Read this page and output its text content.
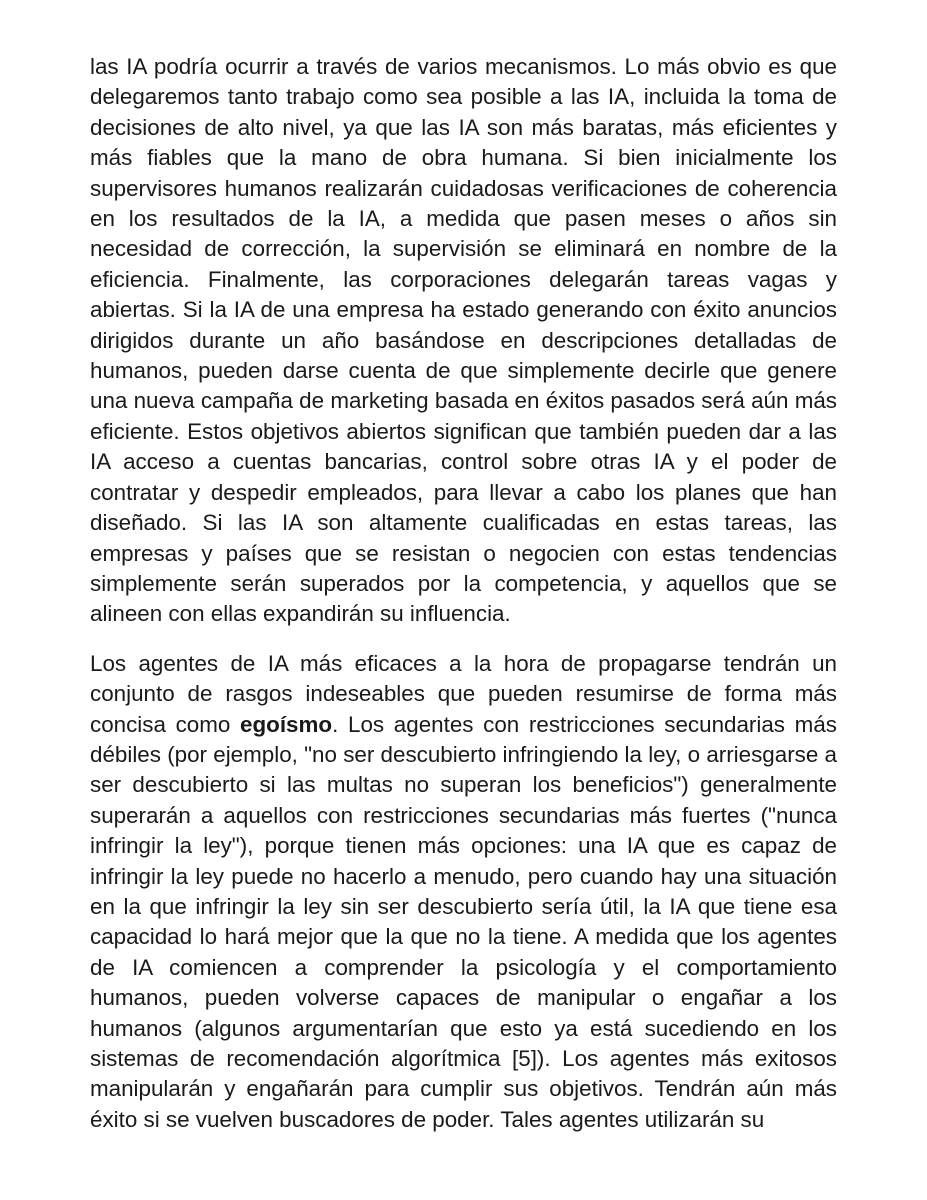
las IA podría ocurrir a través de varios mecanismos. Lo más obvio es que delegaremos tanto trabajo como sea posible a las IA, incluida la toma de decisiones de alto nivel, ya que las IA son más baratas, más eficientes y más fiables que la mano de obra humana. Si bien inicialmente los supervisores humanos realizarán cuidadosas verificaciones de coherencia en los resultados de la IA, a medida que pasen meses o años sin necesidad de corrección, la supervisión se eliminará en nombre de la eficiencia. Finalmente, las corporaciones delegarán tareas vagas y abiertas. Si la IA de una empresa ha estado generando con éxito anuncios dirigidos durante un año basándose en descripciones detalladas de humanos, pueden darse cuenta de que simplemente decirle que genere una nueva campaña de marketing basada en éxitos pasados será aún más eficiente. Estos objetivos abiertos significan que también pueden dar a las IA acceso a cuentas bancarias, control sobre otras IA y el poder de contratar y despedir empleados, para llevar a cabo los planes que han diseñado. Si las IA son altamente cualificadas en estas tareas, las empresas y países que se resistan o negocien con estas tendencias simplemente serán superados por la competencia, y aquellos que se alineen con ellas expandirán su influencia.

Los agentes de IA más eficaces a la hora de propagarse tendrán un conjunto de rasgos indeseables que pueden resumirse de forma más concisa como egoísmo. Los agentes con restricciones secundarias más débiles (por ejemplo, "no ser descubierto infringiendo la ley, o arriesgarse a ser descubierto si las multas no superan los beneficios") generalmente superarán a aquellos con restricciones secundarias más fuertes ("nunca infringir la ley"), porque tienen más opciones: una IA que es capaz de infringir la ley puede no hacerlo a menudo, pero cuando hay una situación en la que infringir la ley sin ser descubierto sería útil, la IA que tiene esa capacidad lo hará mejor que la que no la tiene. A medida que los agentes de IA comiencen a comprender la psicología y el comportamiento humanos, pueden volverse capaces de manipular o engañar a los humanos (algunos argumentarían que esto ya está sucediendo en los sistemas de recomendación algorítmica [5]). Los agentes más exitosos manipularán y engañarán para cumplir sus objetivos. Tendrán aún más éxito si se vuelven buscadores de poder. Tales agentes utilizarán su
